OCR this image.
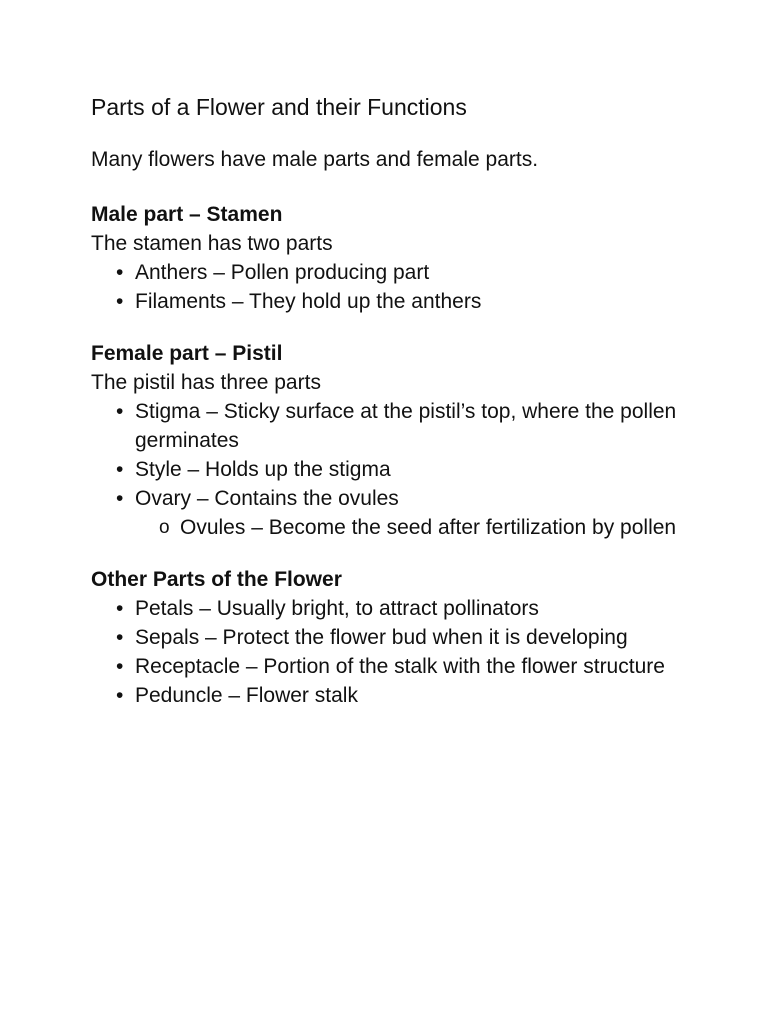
Parts of a Flower and their Functions

Many flowers have male parts and female parts.

Male part – Stamen

The stamen has two parts

• Anthers – Pollen producing part
• Filaments – They hold up the anthers

Female part – Pistil

The pistil has three parts

• Stigma – Sticky surface at the pistil’s top, where the pollen germinates
• Style – Holds up the stigma
• Ovary – Contains the ovules
o Ovules – Become the seed after fertilization by pollen

Other Parts of the Flower

• Petals – Usually bright, to attract pollinators
• Sepals – Protect the flower bud when it is developing
• Receptacle – Portion of the stalk with the flower structure
• Peduncle – Flower stalk
